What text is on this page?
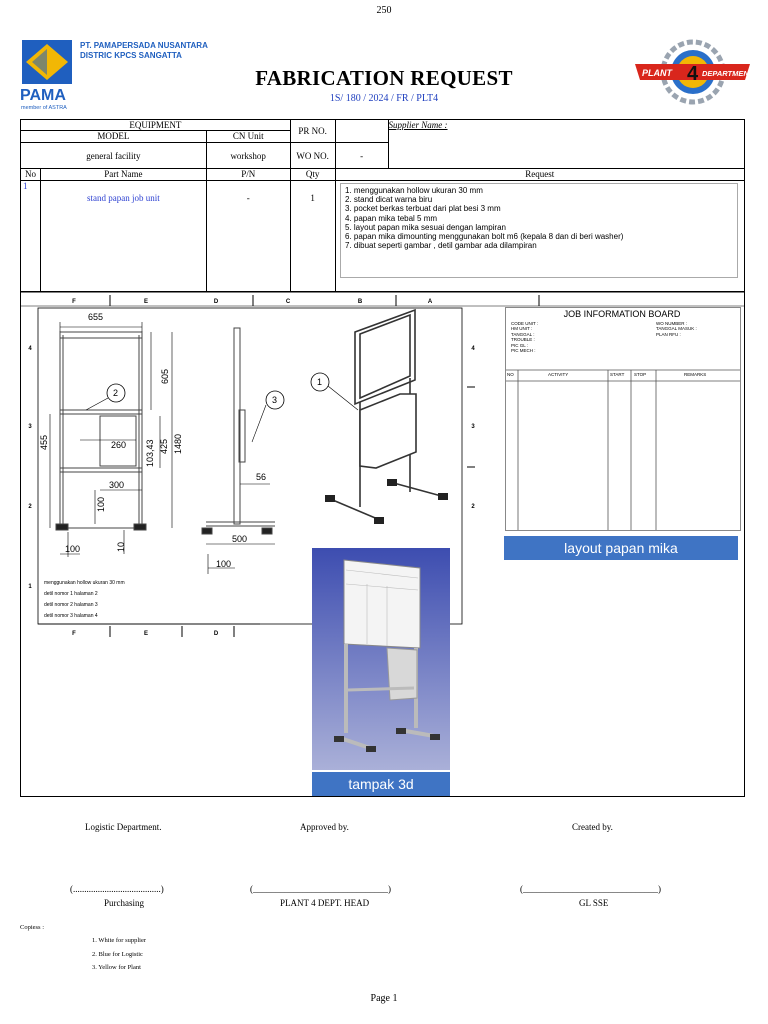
250
PAMA
member of ASTRA
PT. PAMAPERSADA NUSANTARA
DISTRIC KPCS SANGATTA
FABRICATION REQUEST
1S/ 180 / 2024 / FR / PLT4
PLANT 4 DEPARTMENT
EQUIPMENT		PR NO.		Supplier Name :
MODEL	CN Unit			
general facility	workshop	WO NO.	-	
No	Part Name	P/N	Qty	Request
1	stand papan job unit	-	1	
1. menggunakan hollow ukuran 30 mm
2. stand dicat warna biru
3. pocket berkas terbuat dari plat besi 3 mm
4. papan mika tebal 5 mm
5. layout papan mika sesuai dengan lampiran
6. papan mika dimounting menggunakan bolt m6 (kepala 8 dan di beri washer)
7. dibuat seperti gambar , detil gambar ada dilampiran
F	E	D	C	B	A
4
3
2
1
4
3
2
655
605
455	260 103,43 425 1480
300
100
100	10
2
3
56
500
100
1
menggunakan hollow ukuran 30 mm
detil nomor 1 halaman 2
detil nomor 2 halaman 3
detil nomor 3 halaman 4
F	E	D
JOB INFORMATION BOARD
CODE UNIT :
HM UNIT :
TANGGAL :
TROUBLE :
PIC GL :
PIC MECH :
WO NUMBER :
TANGGAL MASUK :
PLAN RFU :
NO	ACTIVITY	START STOP	REMARKS
layout papan mika
tampak 3d
Logistic Department.	Approved by.	Created by.
(.......................................)	(______________________________)	(______________________________)
Purchasing	PLANT 4 DEPT. HEAD	GL SSE
Copiess :
1. White for supplier
2. Blue for Logistic
3. Yellow for Plant
Page 1
